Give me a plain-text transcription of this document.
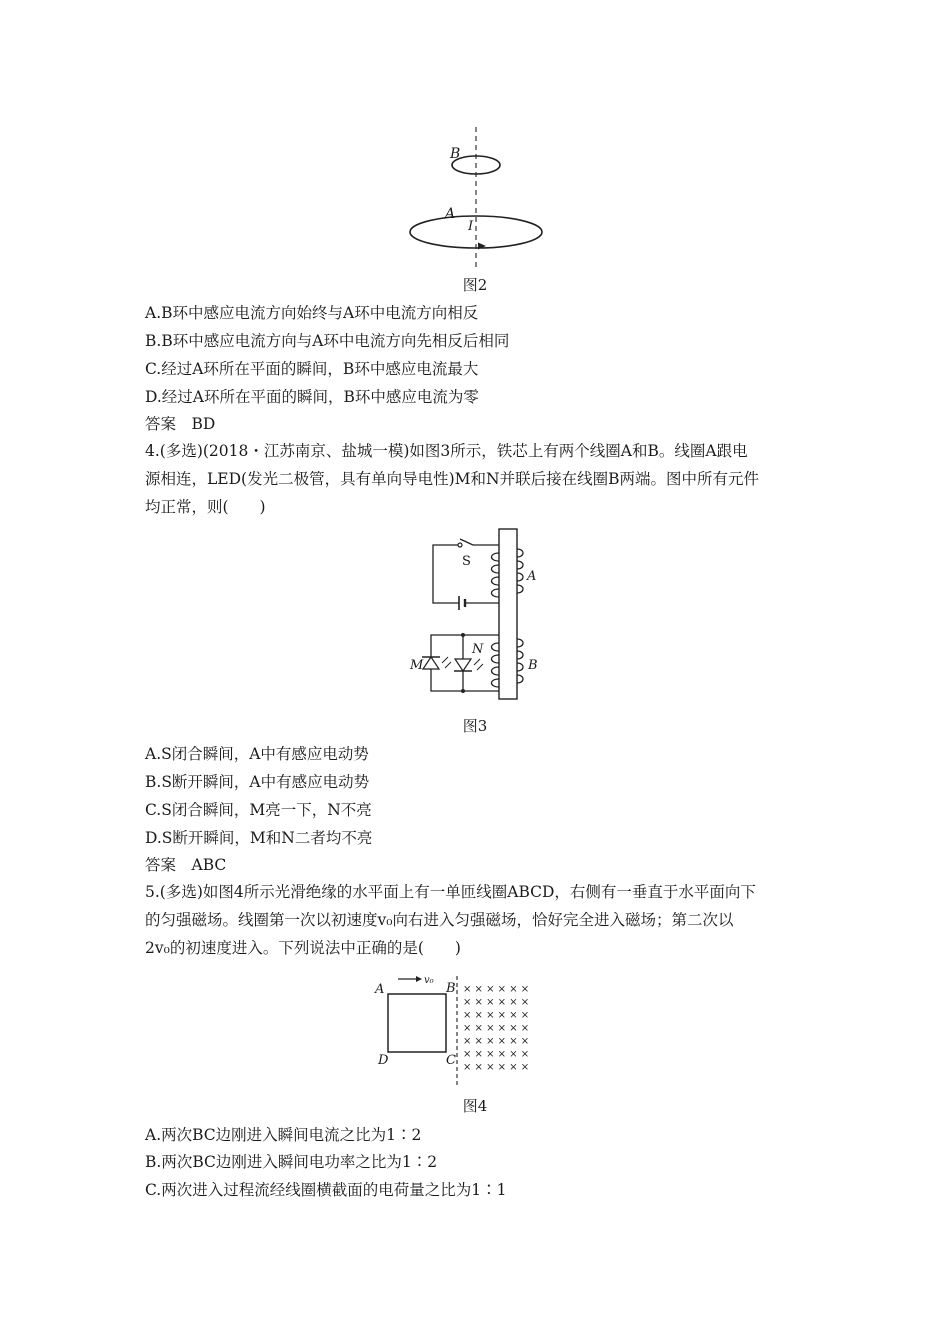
B
A
I
图2
A.B环中感应电流方向始终与A环中电流方向相反
B.B环中感应电流方向与A环中电流方向先相反后相同
C.经过A环所在平面的瞬间，B环中感应电流最大
D.经过A环所在平面的瞬间，B环中感应电流为零
答案　BD
4.(多选)(2018・江苏南京、盐城一模)如图3所示，铁芯上有两个线圈A和B。线圈A跟电
源相连，LED(发光二极管，具有单向导电性)M和N并联后接在线圈B两端。图中所有元件
均正常，则(　　)
S
A
B
M
N
图3
A.S闭合瞬间，A中有感应电动势
B.S断开瞬间，A中有感应电动势
C.S闭合瞬间，M亮一下，N不亮
D.S断开瞬间，M和N二者均不亮
答案　ABC
5.(多选)如图4所示光滑绝缘的水平面上有一单匝线圈ABCD，右侧有一垂直于水平面向下
的匀强磁场。线圈第一次以初速度v₀向右进入匀强磁场，恰好完全进入磁场；第二次以
2v₀的初速度进入。下列说法中正确的是(　　)
v₀
A	B
C
D
× × × × × ×
× × × × × ×
× × × × × ×
× × × × × ×
× × × × × ×
× × × × × ×
× × × × × ×
图4
A.两次BC边刚进入瞬间电流之比为1∶2
B.两次BC边刚进入瞬间电功率之比为1∶2
C.两次进入过程流经线圈横截面的电荷量之比为1∶1
